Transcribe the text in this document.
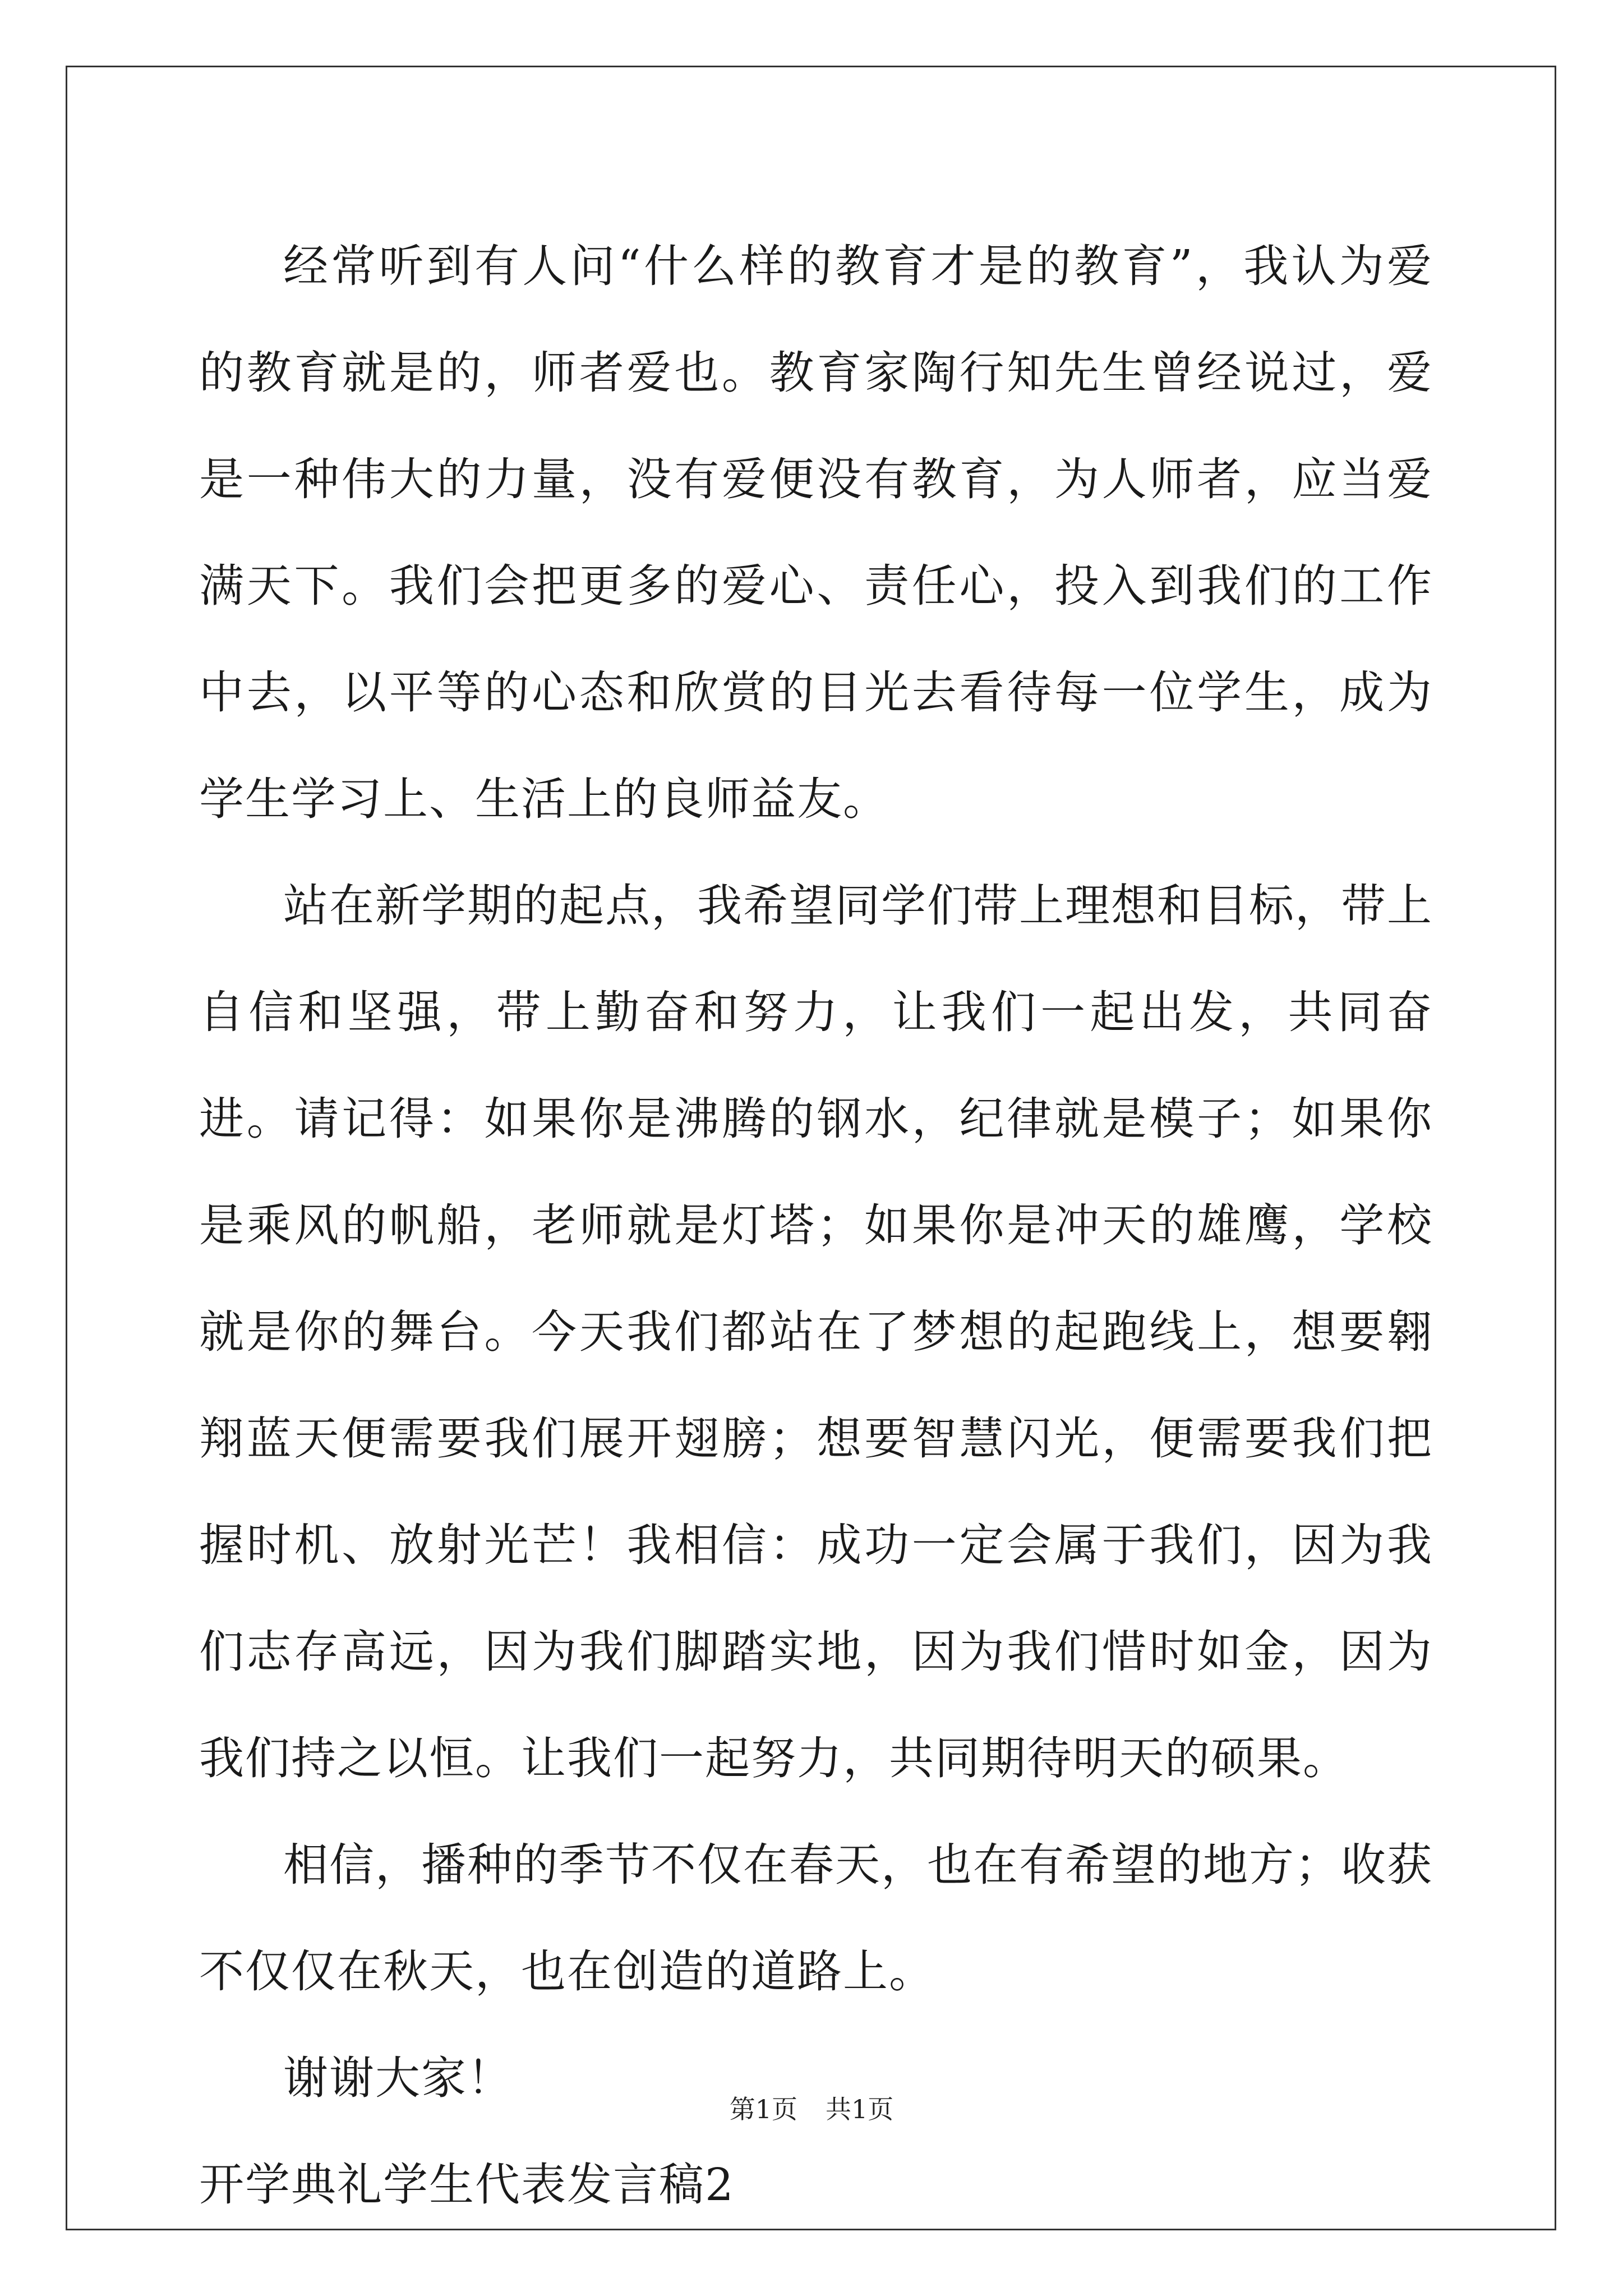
经常听到有人问“什么样的教育才是的教育”，我认为爱的教育就是的，师者爱也。教育家陶行知先生曾经说过，爱是一种伟大的力量，没有爱便没有教育，为人师者，应当爱满天下。我们会把更多的爱心、责任心，投入到我们的工作中去，以平等的心态和欣赏的目光去看待每一位学生，成为学生学习上、生活上的良师益友。

站在新学期的起点，我希望同学们带上理想和目标，带上自信和坚强，带上勤奋和努力，让我们一起出发，共同奋进。请记得：如果你是沸腾的钢水，纪律就是模子；如果你是乘风的帆船，老师就是灯塔；如果你是冲天的雄鹰，学校就是你的舞台。今天我们都站在了梦想的起跑线上，想要翱翔蓝天便需要我们展开翅膀；想要智慧闪光，便需要我们把握时机、放射光芒！我相信：成功一定会属于我们，因为我们志存高远，因为我们脚踏实地，因为我们惜时如金，因为我们持之以恒。让我们一起努力，共同期待明天的硕果。

相信，播种的季节不仅在春天，也在有希望的地方；收获不仅仅在秋天，也在创造的道路上。

谢谢大家！

开学典礼学生代表发言稿2

第1页 共1页
